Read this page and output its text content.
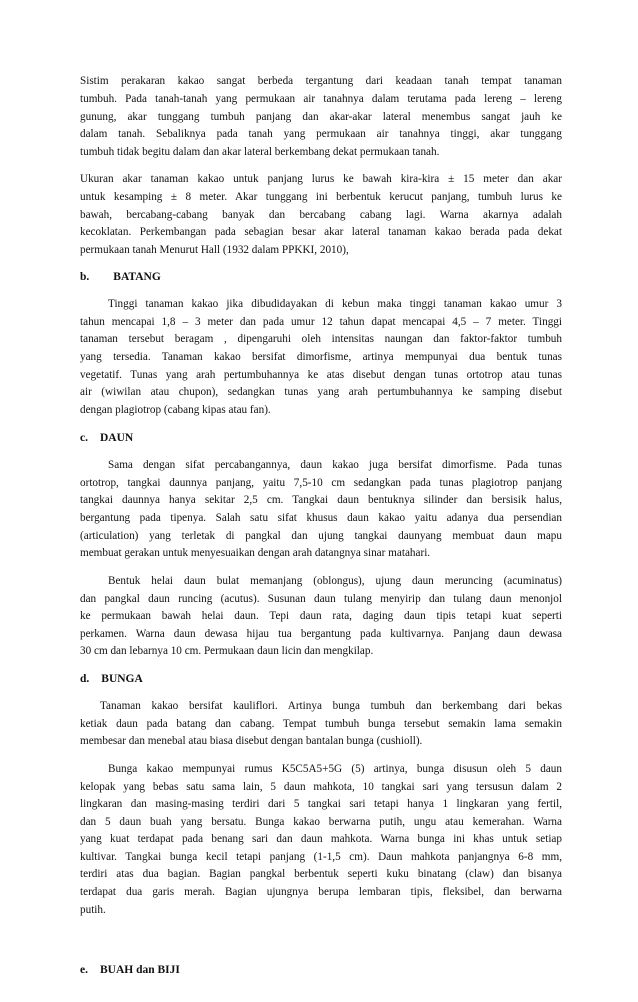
Sistim perakaran kakao sangat berbeda tergantung dari keadaan tanah tempat tanaman
tumbuh. Pada tanah-tanah yang permukaan air tanahnya dalam terutama pada lereng – lereng
gunung, akar tunggang tumbuh panjang dan akar-akar lateral menembus sangat jauh ke
dalam tanah. Sebaliknya pada tanah yang permukaan air tanahnya tinggi, akar tunggang
tumbuh tidak begitu dalam dan akar lateral berkembang dekat permukaan tanah.
Ukuran akar tanaman kakao untuk panjang lurus ke bawah kira-kira ± 15 meter dan akar
untuk kesamping ± 8 meter. Akar tunggang ini berbentuk kerucut panjang, tumbuh lurus ke
bawah, bercabang-cabang banyak dan bercabang cabang lagi. Warna akarnya adalah
kecoklatan. Perkembangan pada sebagian besar akar lateral tanaman kakao berada pada dekat
permukaan tanah Menurut Hall (1932 dalam PPKKI, 2010),
b. BATANG
Tinggi tanaman kakao jika dibudidayakan di kebun maka tinggi tanaman kakao umur 3
tahun mencapai 1,8 – 3 meter dan pada umur 12 tahun dapat mencapai 4,5 – 7 meter. Tinggi
tanaman tersebut beragam , dipengaruhi oleh intensitas naungan dan faktor-faktor tumbuh
yang tersedia. Tanaman kakao bersifat dimorfisme, artinya mempunyai dua bentuk tunas
vegetatif. Tunas yang arah pertumbuhannya ke atas disebut dengan tunas ortotrop atau tunas
air (wiwilan atau chupon), sedangkan tunas yang arah pertumbuhannya ke samping disebut
dengan plagiotrop (cabang kipas atau fan).
c. DAUN
Sama dengan sifat percabangannya, daun kakao juga bersifat dimorfisme. Pada tunas
ortotrop, tangkai daunnya panjang, yaitu 7,5-10 cm sedangkan pada tunas plagiotrop panjang
tangkai daunnya hanya sekitar 2,5 cm. Tangkai daun bentuknya silinder dan bersisik halus,
bergantung pada tipenya. Salah satu sifat khusus daun kakao yaitu adanya dua persendian
(articulation) yang terletak di pangkal dan ujung tangkai daunyang membuat daun mapu
membuat gerakan untuk menyesuaikan dengan arah datangnya sinar matahari.
Bentuk helai daun bulat memanjang (oblongus), ujung daun meruncing (acuminatus)
dan pangkal daun runcing (acutus). Susunan daun tulang menyirip dan tulang daun menonjol
ke permukaan bawah helai daun. Tepi daun rata, daging daun tipis tetapi kuat seperti
perkamen. Warna daun dewasa hijau tua bergantung pada kultivarnya. Panjang daun dewasa
30 cm dan lebarnya 10 cm. Permukaan daun licin dan mengkilap.
d. BUNGA
Tanaman kakao bersifat kauliflori. Artinya bunga tumbuh dan berkembang dari bekas
ketiak daun pada batang dan cabang. Tempat tumbuh bunga tersebut semakin lama semakin
membesar dan menebal atau biasa disebut dengan bantalan bunga (cushioll).
Bunga kakao mempunyai rumus K5C5A5+5G (5) artinya, bunga disusun oleh 5 daun
kelopak yang bebas satu sama lain, 5 daun mahkota, 10 tangkai sari yang tersusun dalam 2
lingkaran dan masing-masing terdiri dari 5 tangkai sari tetapi hanya 1 lingkaran yang fertil,
dan 5 daun buah yang bersatu. Bunga kakao berwarna putih, ungu atau kemerahan. Warna
yang kuat terdapat pada benang sari dan daun mahkota. Warna bunga ini khas untuk setiap
kultivar. Tangkai bunga kecil tetapi panjang (1-1,5 cm). Daun mahkota panjangnya 6-8 mm,
terdiri atas dua bagian. Bagian pangkal berbentuk seperti kuku binatang (claw) dan bisanya
terdapat dua garis merah. Bagian ujungnya berupa lembaran tipis, fleksibel, dan berwarna
putih.
e. BUAH dan BIJI
